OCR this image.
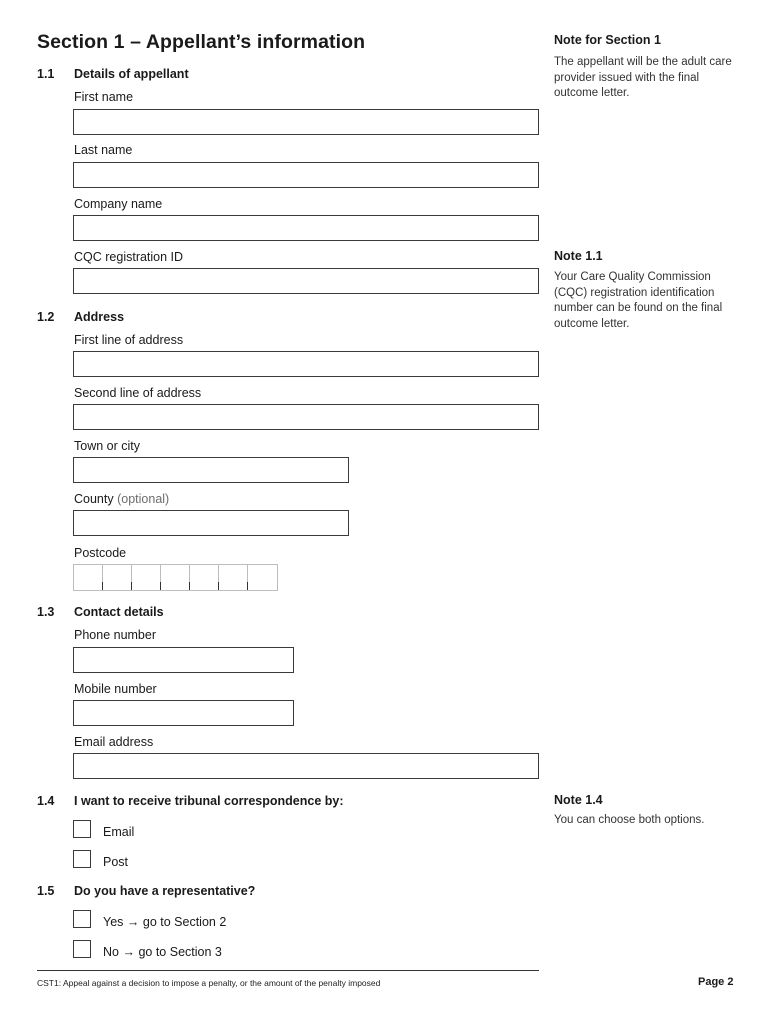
Section 1 – Appellant’s information
1.1 Details of appellant
First name
Last name
Company name
CQC registration ID
1.2 Address
First line of address
Second line of address
Town or city
County (optional)
Postcode
1.3 Contact details
Phone number
Mobile number
Email address
1.4 I want to receive tribunal correspondence by:
Email
Post
1.5 Do you have a representative?
Yes → go to Section 2
No → go to Section 3
Note for Section 1
The appellant will be the adult care provider issued with the final outcome letter.
Note 1.1
Your Care Quality Commission (CQC) registration identification number can be found on the final outcome letter.
Note 1.4
You can choose both options.
CST1: Appeal against a decision to impose a penalty, or the amount of the penalty imposed	Page 2
